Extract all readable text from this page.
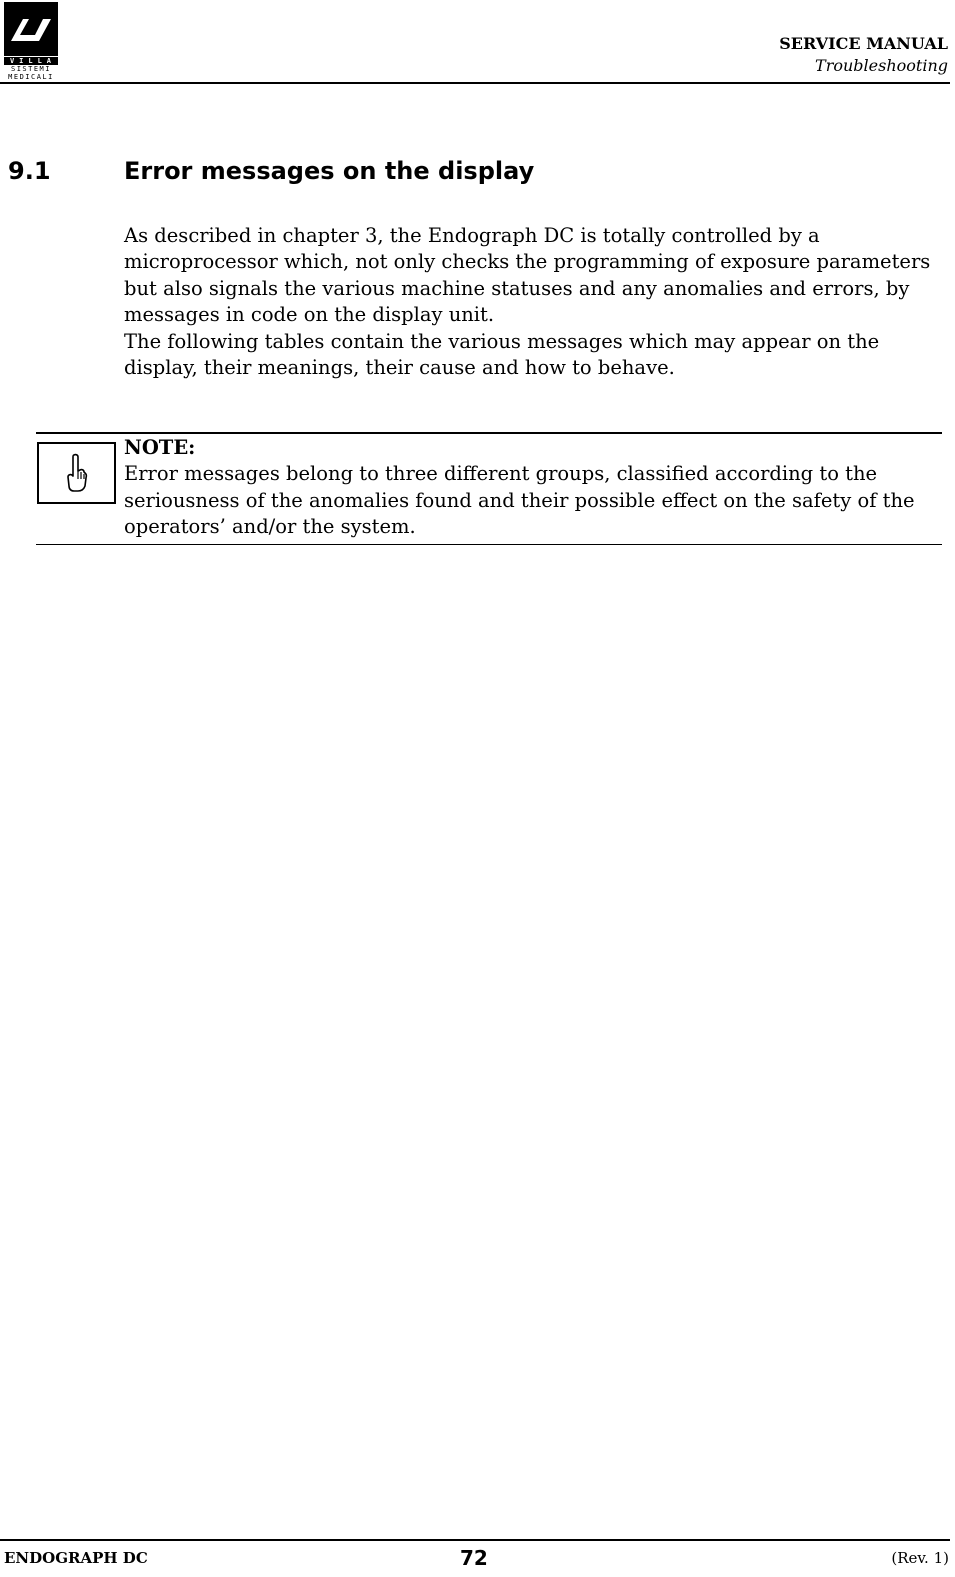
VILLA
SISTEMI
MEDICALI
SERVICE MANUAL
Troubleshooting
9.1	Error messages on the display

As described in chapter 3, the Endograph DC is totally controlled by a microprocessor which, not only checks the programming of exposure parameters but also signals the various machine statuses and any anomalies and errors, by messages in code on the display unit.

The following tables contain the various messages which may appear on the display, their meanings, their cause and how to behave.

NOTE:
Error messages belong to three different groups, classified according to the seriousness of the anomalies found and their possible effect on the safety of the operators’ and/or the system.
ENDOGRAPH DC	72	(Rev. 1)
